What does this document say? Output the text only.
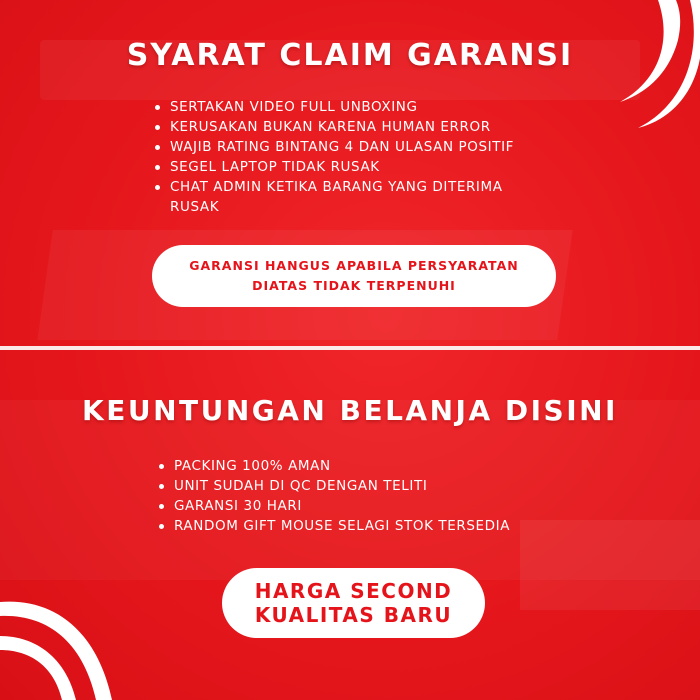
SYARAT CLAIM GARANSI
SERTAKAN VIDEO FULL UNBOXING
KERUSAKAN BUKAN KARENA HUMAN ERROR
WAJIB RATING BINTANG 4 DAN ULASAN POSITIF
SEGEL LAPTOP TIDAK RUSAK
CHAT ADMIN KETIKA BARANG YANG DITERIMA RUSAK
GARANSI HANGUS APABILA PERSYARATAN
DIATAS TIDAK TERPENUHI
KEUNTUNGAN BELANJA DISINI
PACKING 100% AMAN
UNIT SUDAH DI QC DENGAN TELITI
GARANSI 30 HARI
RANDOM GIFT MOUSE SELAGI STOK TERSEDIA
HARGA SECOND
KUALITAS BARU
